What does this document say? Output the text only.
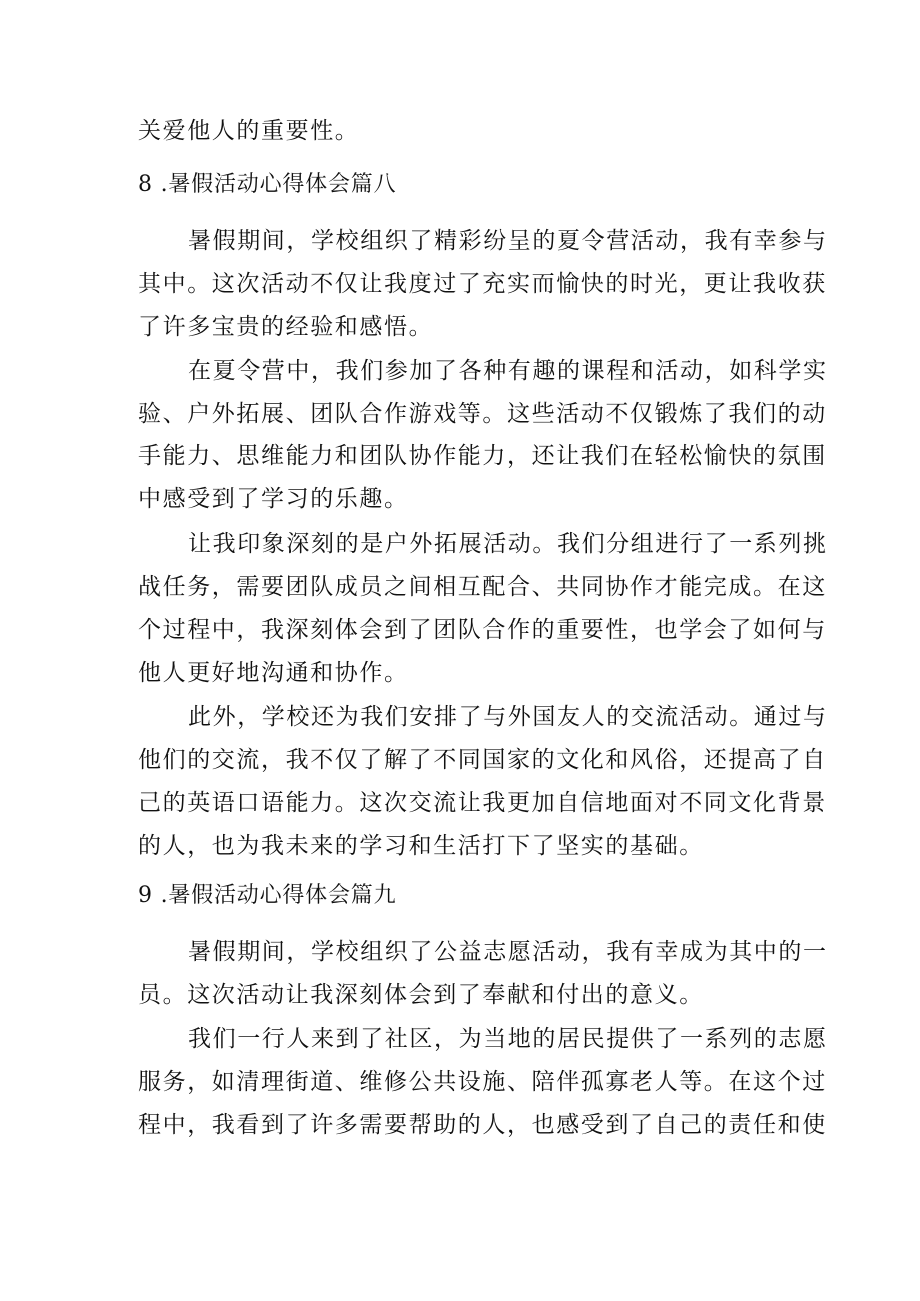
关爱他人的重要性。
8 .暑假活动心得体会篇八
暑假期间，学校组织了精彩纷呈的夏令营活动，我有幸参与
其中。这次活动不仅让我度过了充实而愉快的时光，更让我收获
了许多宝贵的经验和感悟。
在夏令营中，我们参加了各种有趣的课程和活动，如科学实
验、户外拓展、团队合作游戏等。这些活动不仅锻炼了我们的动
手能力、思维能力和团队协作能力，还让我们在轻松愉快的氛围
中感受到了学习的乐趣。
让我印象深刻的是户外拓展活动。我们分组进行了一系列挑
战任务，需要团队成员之间相互配合、共同协作才能完成。在这
个过程中，我深刻体会到了团队合作的重要性，也学会了如何与
他人更好地沟通和协作。
此外，学校还为我们安排了与外国友人的交流活动。通过与
他们的交流，我不仅了解了不同国家的文化和风俗，还提高了自
己的英语口语能力。这次交流让我更加自信地面对不同文化背景
的人，也为我未来的学习和生活打下了坚实的基础。
9 .暑假活动心得体会篇九
暑假期间，学校组织了公益志愿活动，我有幸成为其中的一
员。这次活动让我深刻体会到了奉献和付出的意义。
我们一行人来到了社区，为当地的居民提供了一系列的志愿
服务，如清理街道、维修公共设施、陪伴孤寡老人等。在这个过
程中，我看到了许多需要帮助的人，也感受到了自己的责任和使
